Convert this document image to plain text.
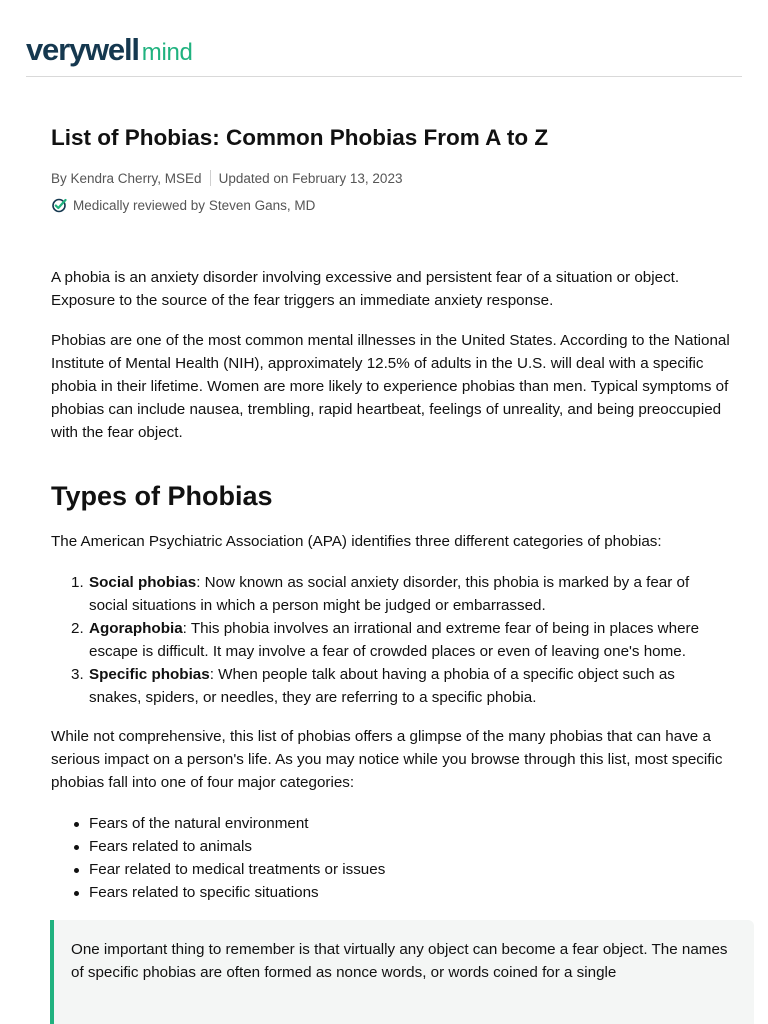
verywell mind
List of Phobias: Common Phobias From A to Z
By Kendra Cherry, MSEd Updated on February 13, 2023
Medically reviewed by Steven Gans, MD

A phobia is an anxiety disorder involving excessive and persistent fear of a situation or object. Exposure to the source of the fear triggers an immediate anxiety response.

Phobias are one of the most common mental illnesses in the United States. According to the National Institute of Mental Health (NIH), approximately 12.5% of adults in the U.S. will deal with a specific phobia in their lifetime. Women are more likely to experience phobias than men. Typical symptoms of phobias can include nausea, trembling, rapid heartbeat, feelings of unreality, and being preoccupied with the fear object.

Types of Phobias

The American Psychiatric Association (APA) identifies three different categories of phobias:

1. Social phobias: Now known as social anxiety disorder, this phobia is marked by a fear of social situations in which a person might be judged or embarrassed.
2. Agoraphobia: This phobia involves an irrational and extreme fear of being in places where escape is difficult. It may involve a fear of crowded places or even of leaving one's home.
3. Specific phobias: When people talk about having a phobia of a specific object such as snakes, spiders, or needles, they are referring to a specific phobia.

While not comprehensive, this list of phobias offers a glimpse of the many phobias that can have a serious impact on a person's life. As you may notice while you browse through this list, most specific phobias fall into one of four major categories:

Fears of the natural environment
Fears related to animals
Fear related to medical treatments or issues
Fears related to specific situations

One important thing to remember is that virtually any object can become a fear object. The names of specific phobias are often formed as nonce words, or words coined for a single
